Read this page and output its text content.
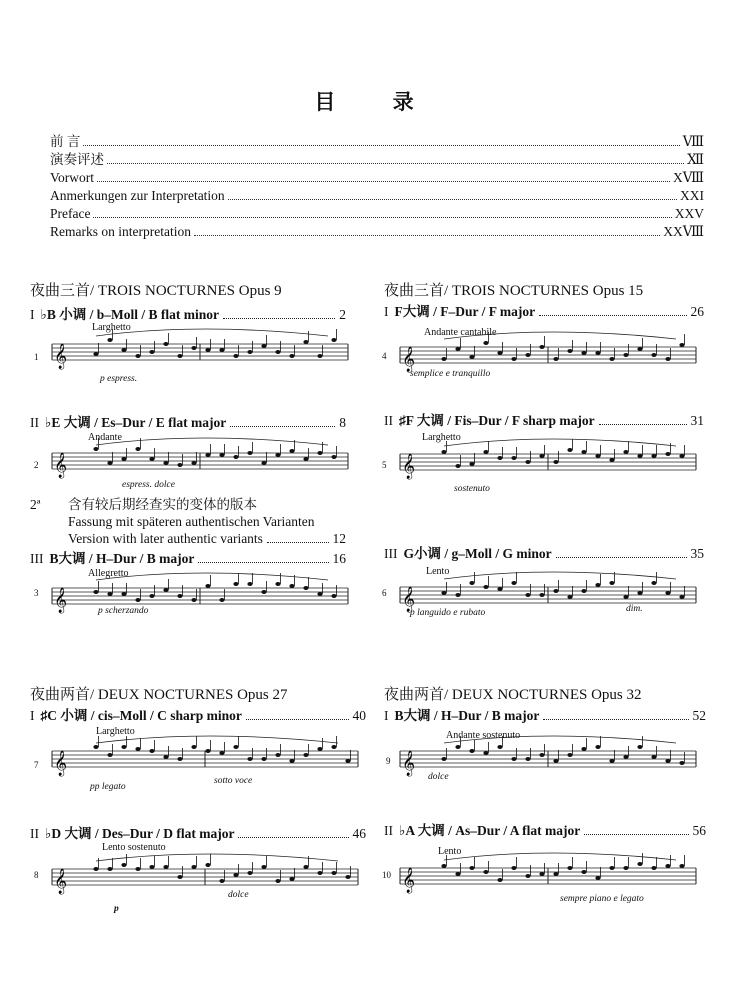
目 录
前 言	Ⅷ
演奏评述	Ⅻ
Vorwort	XⅧ
Anmerkungen zur Interpretation	XXI
Preface	XXV
Remarks on interpretation	XXⅧ
夜曲三首/ TROIS NOCTURNES Opus 9
I ♭B 小调 / b–Moll / B flat minor	2
Larghetto
1 𝄞
p espress.
II ♭E 大调 / Es–Dur / E flat major	8
Andante
2 𝄞
espress. dolce
2ª	含有较后期经查实的变体的版本
Fassung mit späteren authentischen Varianten
Version with later authentic variants	12
III B大调 / H–Dur / B major	16
Allegretto
3 𝄞	p scherzando
夜曲三首/ TROIS NOCTURNES Opus 15
I F大调 / F–Dur / F major	26
Andante cantabile
4 𝄞
semplice e tranquillo
II ♯F 大调 / Fis–Dur / F sharp major	31
Larghetto
5 𝄞
sostenuto
III G小调 / g–Moll / G minor	35
Lento
6 𝄞
p languido e rubato	dim.
夜曲两首/ DEUX NOCTURNES Opus 27
I ♯C 小调 / cis–Moll / C sharp minor	40
Larghetto
7 𝄞
pp legato
sotto voce
II ♭D 大调 / Des–Dur / D flat major	46
Lento sostenuto
8 𝄞
p
dolce
夜曲两首/ DEUX NOCTURNES Opus 32
I B大调 / H–Dur / B major	52
Andante sostenuto
9 𝄞
dolce
II ♭A 大调 / As–Dur / A flat major	56
Lento
10 𝄞
sempre piano e legato
